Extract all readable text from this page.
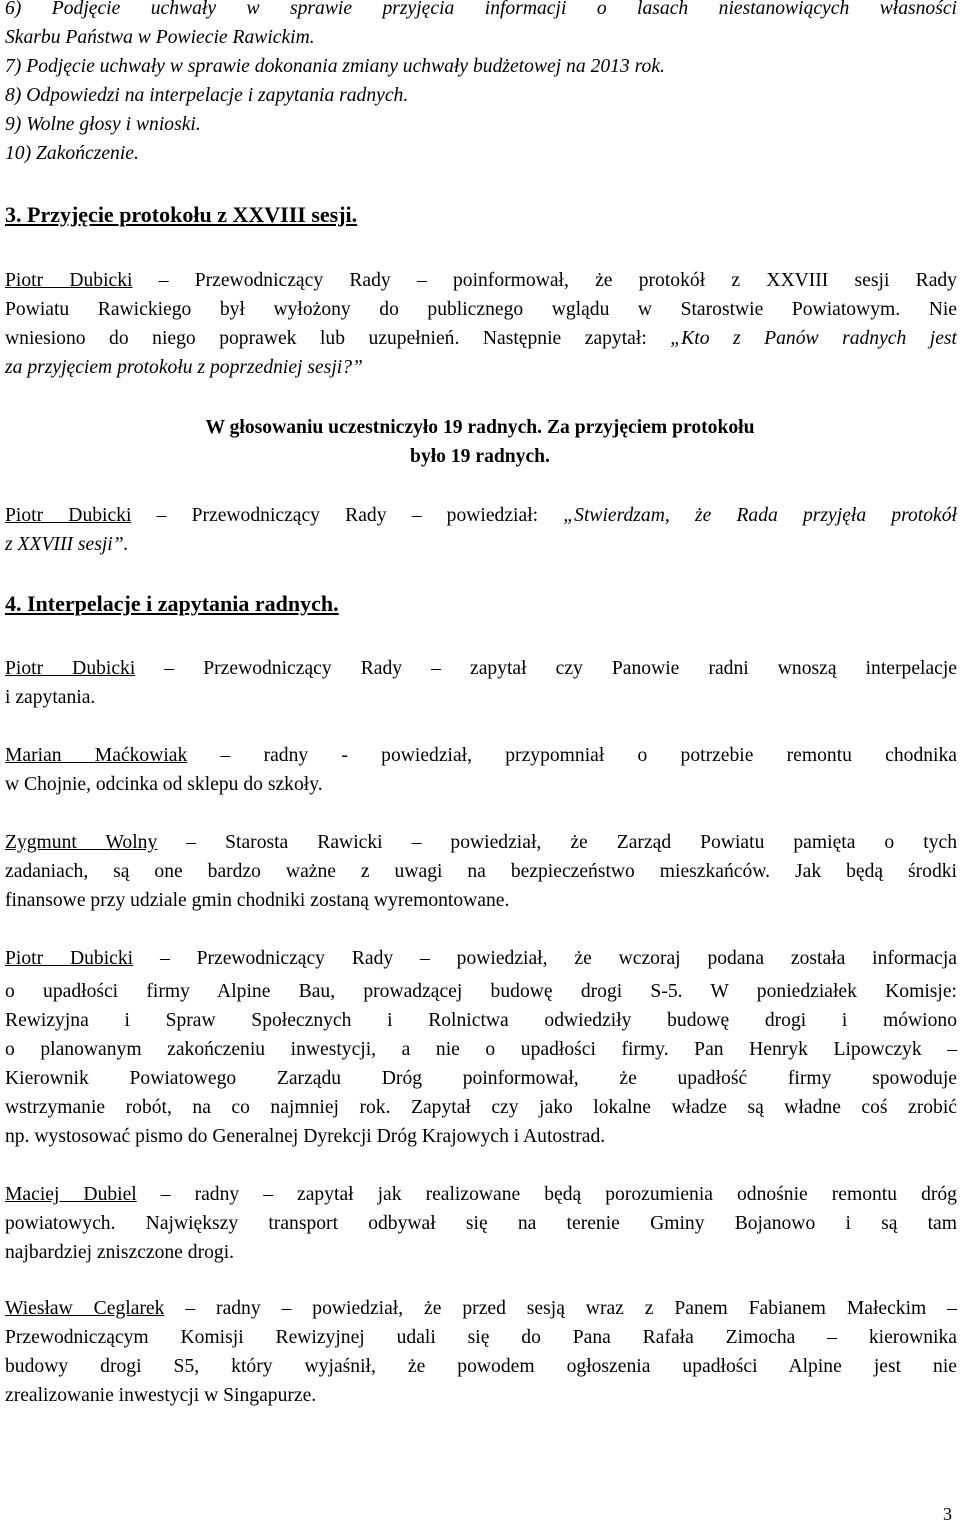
6) Podjęcie uchwały w sprawie przyjęcia informacji o lasach niestanowiących własności
Skarbu Państwa w Powiecie Rawickim.
7) Podjęcie uchwały w sprawie dokonania zmiany uchwały budżetowej na 2013 rok.
8) Odpowiedzi na interpelacje i zapytania radnych.
9) Wolne głosy i wnioski.
10) Zakończenie.
3. Przyjęcie protokołu z XXVIII sesji.
Piotr Dubicki – Przewodniczący Rady – poinformował, że protokół z XXVIII sesji Rady
Powiatu Rawickiego był wyłożony do publicznego wglądu w Starostwie Powiatowym. Nie
wniesiono do niego poprawek lub uzupełnień. Następnie zapytał: „Kto z Panów radnych jest
za przyjęciem protokołu z poprzedniej sesji?”
W głosowaniu uczestniczyło 19 radnych. Za przyjęciem protokołu
było 19 radnych.
Piotr Dubicki – Przewodniczący Rady – powiedział: „Stwierdzam, że Rada przyjęła protokół
z XXVIII sesji”.
4. Interpelacje i zapytania radnych.
Piotr Dubicki – Przewodniczący Rady – zapytał czy Panowie radni wnoszą interpelacje
i zapytania.
Marian Maćkowiak – radny - powiedział, przypomniał o potrzebie remontu chodnika
w Chojnie, odcinka od sklepu do szkoły.
Zygmunt Wolny – Starosta Rawicki – powiedział, że Zarząd Powiatu pamięta o tych
zadaniach, są one bardzo ważne z uwagi na bezpieczeństwo mieszkańców. Jak będą środki
finansowe przy udziale gmin chodniki zostaną wyremontowane.
Piotr Dubicki – Przewodniczący Rady – powiedział, że wczoraj podana została informacja
o upadłości firmy Alpine Bau, prowadzącej budowę drogi S-5. W poniedziałek Komisje:
Rewizyjna i Spraw Społecznych i Rolnictwa odwiedziły budowę drogi i mówiono
o planowanym zakończeniu inwestycji, a nie o upadłości firmy. Pan Henryk Lipowczyk –
Kierownik Powiatowego Zarządu Dróg poinformował, że upadłość firmy spowoduje
wstrzymanie robót, na co najmniej rok. Zapytał czy jako lokalne władze są władne coś zrobić
np. wystosować pismo do Generalnej Dyrekcji Dróg Krajowych i Autostrad.
Maciej Dubiel – radny – zapytał jak realizowane będą porozumienia odnośnie remontu dróg
powiatowych. Największy transport odbywał się na terenie Gminy Bojanowo i są tam
najbardziej zniszczone drogi.
Wiesław Ceglarek – radny – powiedział, że przed sesją wraz z Panem Fabianem Małeckim –
Przewodniczącym Komisji Rewizyjnej udali się do Pana Rafała Zimocha – kierownika
budowy drogi S5, który wyjaśnił, że powodem ogłoszenia upadłości Alpine jest nie
zrealizowanie inwestycji w Singapurze.
3
